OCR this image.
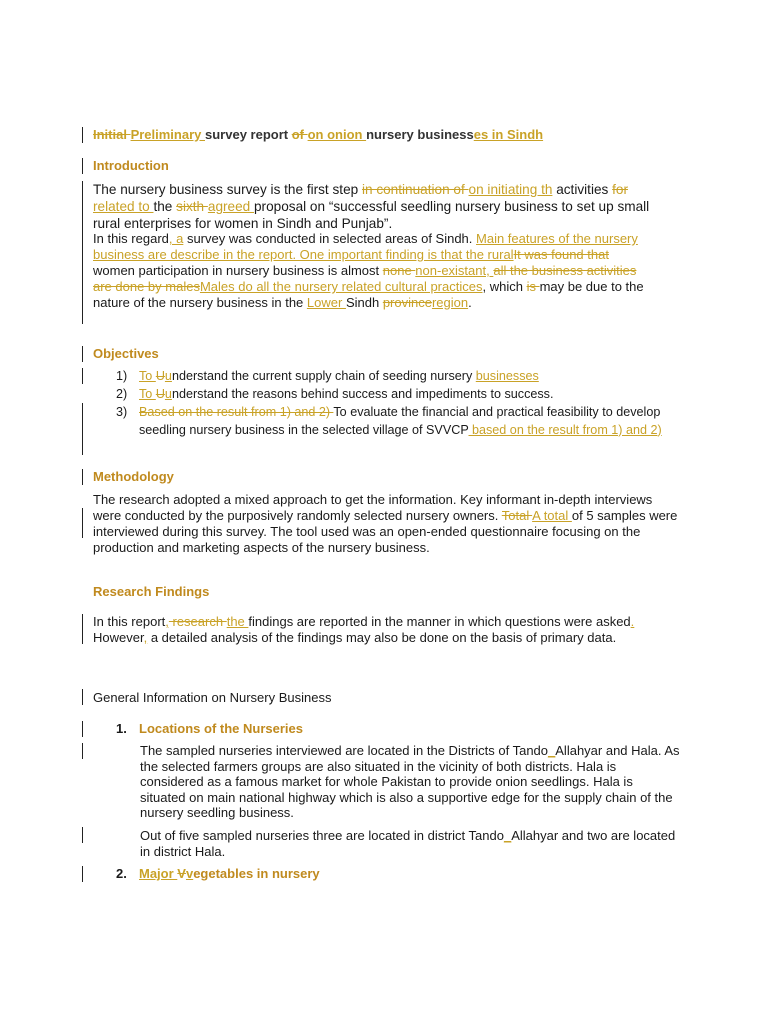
Initial Preliminary survey report of on onion nursery businesses in Sindh
Introduction
The nursery business survey is the first step in continuation of on initiating th activities for related to the sixth agreed proposal on “successful seedling nursery business to set up small rural enterprises for women in Sindh and Punjab”.
In this regard, a survey was conducted in selected areas of Sindh. Main features of the nursery business are describe in the report. One important finding is that the ruralIt was found that women participation in nursery business is almost none non-existant, all the business activities are done by malesMales do all the nursery related cultural practices, which is may be due to the nature of the nursery business in the Lower Sindh provinceregion.
Objectives
1) To Uunderstand the current supply chain of seeding nursery businesses
2) To Uunderstand the reasons behind success and impediments to success.
3) Based on the result from 1) and 2) To evaluate the financial and practical feasibility to develop seedling nursery business in the selected village of SVVCP based on the result from 1) and 2)
Methodology
The research adopted a mixed approach to get the information. Key informant in-depth interviews were conducted by the purposively randomly selected nursery owners. Total A total of 5 samples were interviewed during this survey. The tool used was an open-ended questionnaire focusing on the production and marketing aspects of the nursery business.
Research Findings
In this report, research the findings are reported in the manner in which questions were asked. However, a detailed analysis of the findings may also be done on the basis of primary data.
General Information on Nursery Business
1. Locations of the Nurseries
The sampled nurseries interviewed are located in the Districts of Tando_Allahyar and Hala. As the selected farmers groups are also situated in the vicinity of both districts. Hala is considered as a famous market for whole Pakistan to provide onion seedlings. Hala is situated on main national highway which is also a supportive edge for the supply chain of the nursery seedling business.
Out of five sampled nurseries three are located in district Tando_Allahyar and two are located in district Hala.
2. Major Vvegetables in nursery
